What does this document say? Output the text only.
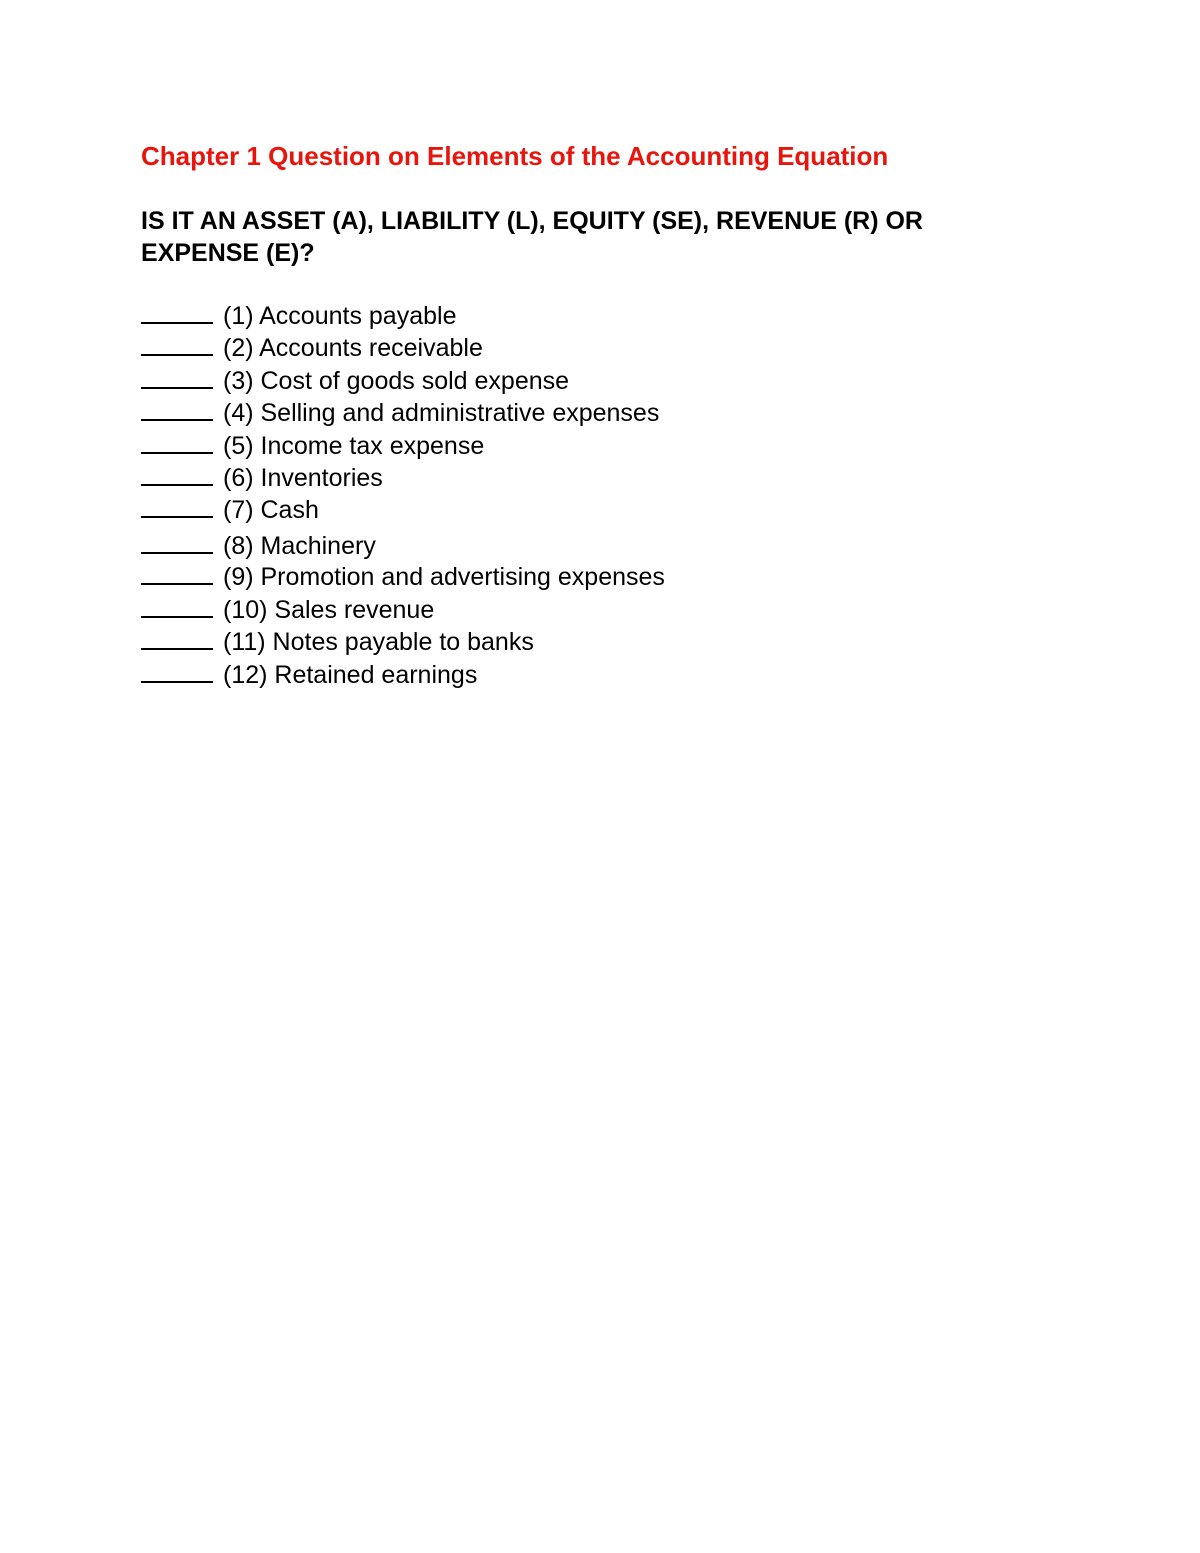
Chapter 1 Question on Elements of the Accounting Equation
IS IT AN ASSET (A), LIABILITY (L), EQUITY (SE), REVENUE (R) OR EXPENSE (E)?
(1) Accounts payable
(2) Accounts receivable
(3) Cost of goods sold expense
(4) Selling and administrative expenses
(5) Income tax expense
(6) Inventories
(7) Cash
(8) Machinery
(9) Promotion and advertising expenses
(10) Sales revenue
(11) Notes payable to banks
(12) Retained earnings
